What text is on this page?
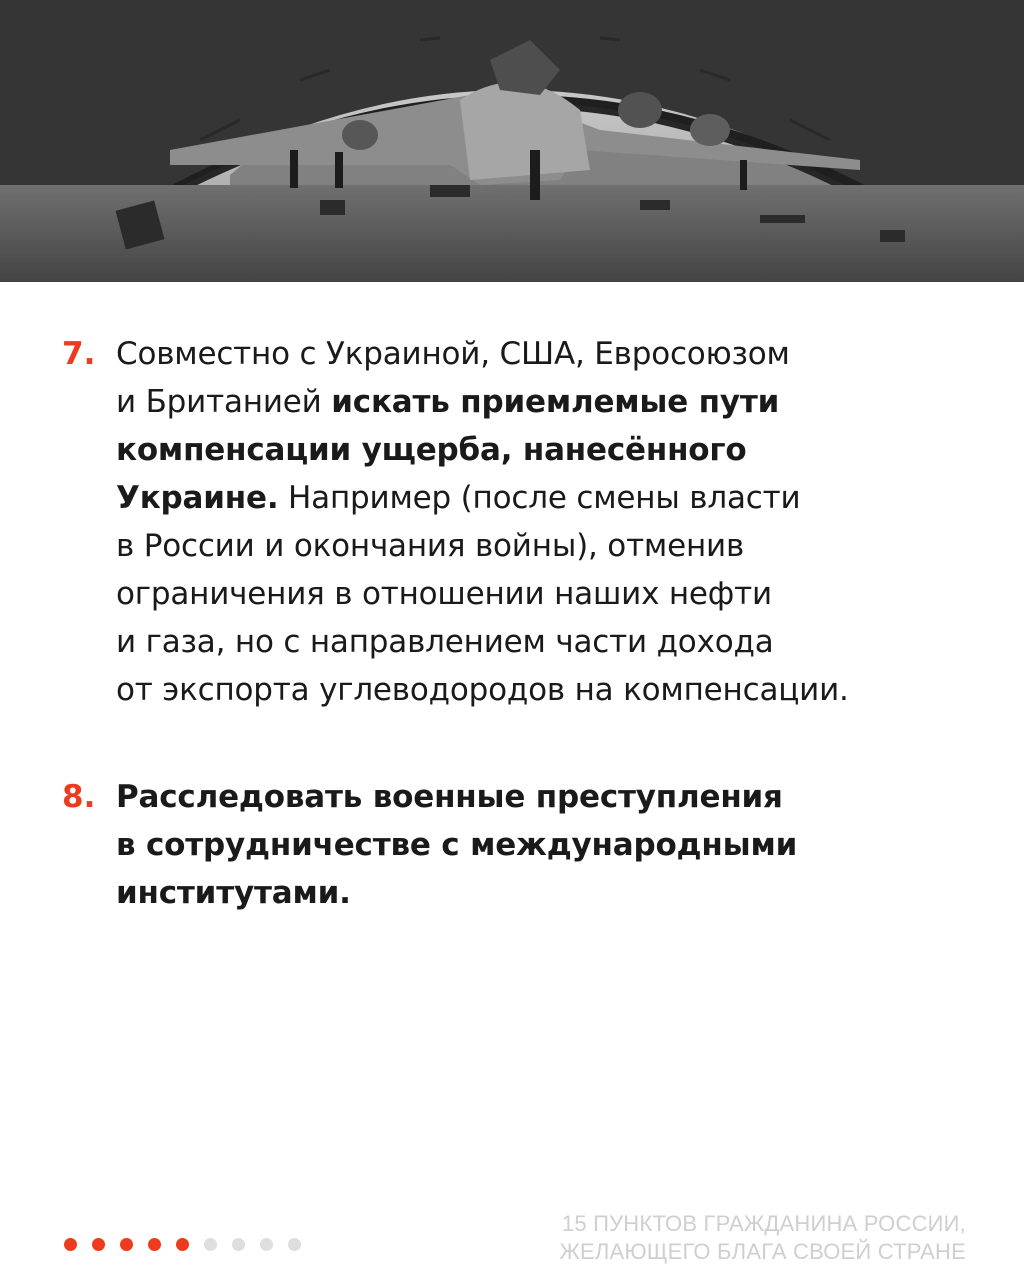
7. Совместно с Украиной, США, Евросоюзом

и Британией искать приемлемые пути

компенсации ущерба, нанесённого

Украине. Например (после смены власти

в России и окончания войны), отменив

ограничения в отношении наших нефти

и газа, но с направлением части дохода

от экспорта углеводородов на компенсации.

8. Расследовать военные преступления

в сотрудничестве с международными

институтами.

15 ПУНКТОВ ГРАЖДАНИНА РОССИИ,
ЖЕЛАЮЩЕГО БЛАГА СВОЕЙ СТРАНЕ
